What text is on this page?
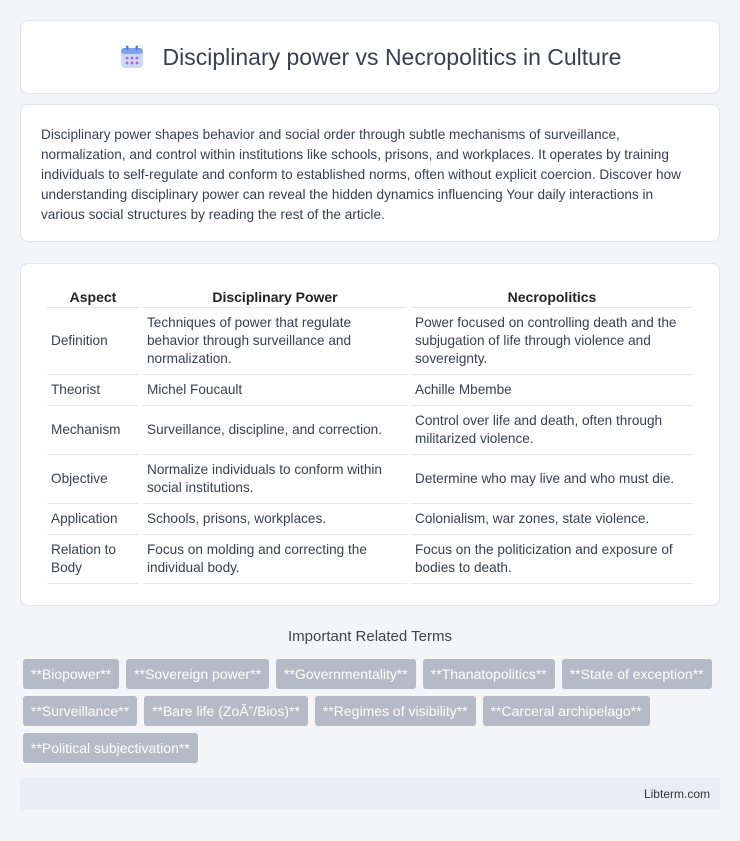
Disciplinary power vs Necropolitics in Culture

Disciplinary power shapes behavior and social order through subtle mechanisms of surveillance, normalization, and control within institutions like schools, prisons, and workplaces. It operates by training individuals to self-regulate and conform to established norms, often without explicit coercion. Discover how understanding disciplinary power can reveal the hidden dynamics influencing Your daily interactions in various social structures by reading the rest of the article.

Aspect	Disciplinary Power	Necropolitics
Definition	Techniques of power that regulate behavior through surveillance and normalization.	Power focused on controlling death and the subjugation of life through violence and sovereignty.
Theorist	Michel Foucault	Achille Mbembe
Mechanism	Surveillance, discipline, and correction.	Control over life and death, often through militarized violence.
Objective	Normalize individuals to conform within social institutions.	Determine who may live and who must die.
Application	Schools, prisons, workplaces.	Colonialism, war zones, state violence.
Relation to Body	Focus on molding and correcting the individual body.	Focus on the politicization and exposure of bodies to death.
Important Related Terms
**Biopower**	**Sovereign power**	**Governmentality**	**Thanatopolitics**	**State of exception**
**Surveillance**	**Bare life (ZoÃ”/Bios)**	**Regimes of visibility**	**Carceral archipelago**
**Political subjectivation**
Libterm.com
